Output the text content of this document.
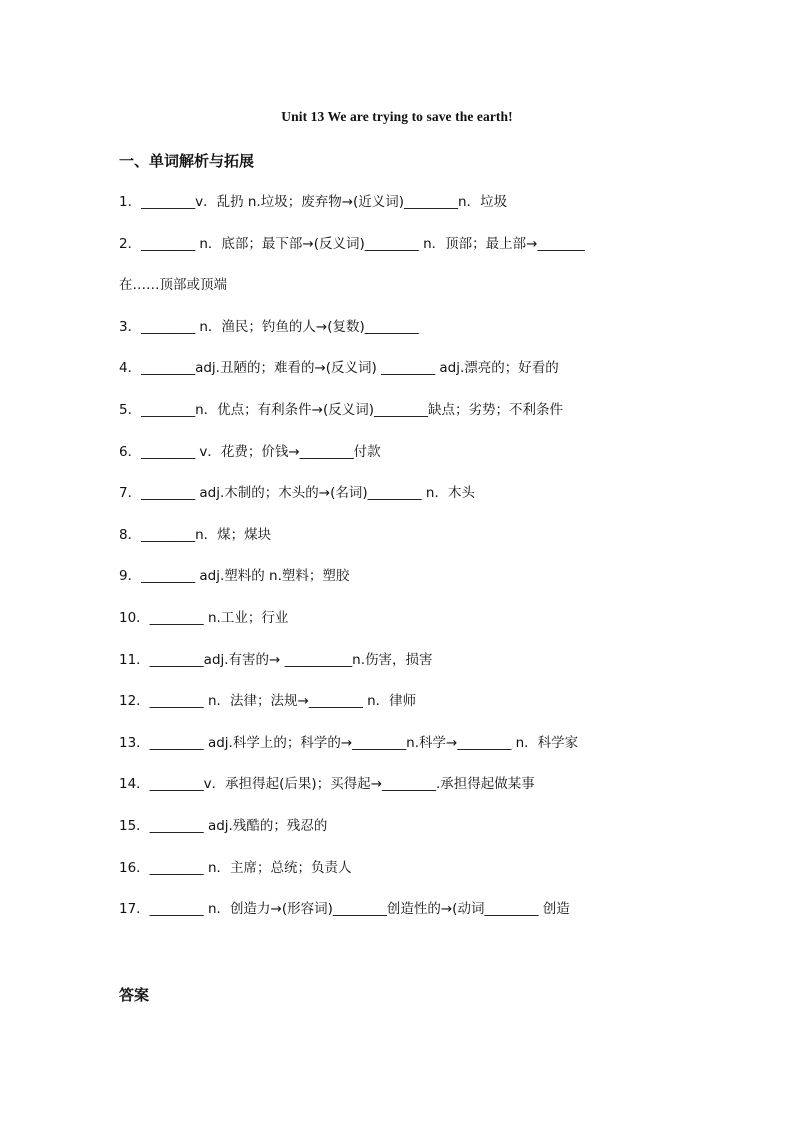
Unit 13 We are trying to save the earth!
一、单词解析与拓展
1．________v．乱扔 n.垃圾；废弃物→(近义词)________n．垃圾
2．________ n．底部；最下部→(反义词)________ n．顶部；最上部→_______
在……顶部或顶端
3．________ n．渔民；钓鱼的人→(复数)________
4．________adj.丑陋的；难看的→(反义词) ________ adj.漂亮的；好看的
5．________n．优点；有利条件→(反义词)________缺点；劣势；不利条件
6．________ v．花费；价钱→________付款
7．________ adj.木制的；木头的→(名词)________ n．木头
8．________n．煤；煤块
9．________ adj.塑料的 n.塑料；塑胶
10．________ n.工业；行业
11．________adj.有害的→ __________n.伤害，损害
12．________ n．法律；法规→________ n．律师
13．________ adj.科学上的；科学的→________n.科学→________ n．科学家
14．________v．承担得起(后果)；买得起→________.承担得起做某事
15．________ adj.残酷的；残忍的
16．________ n．主席；总统；负责人
17．________ n．创造力→(形容词)________创造性的→(动词________ 创造
答案
